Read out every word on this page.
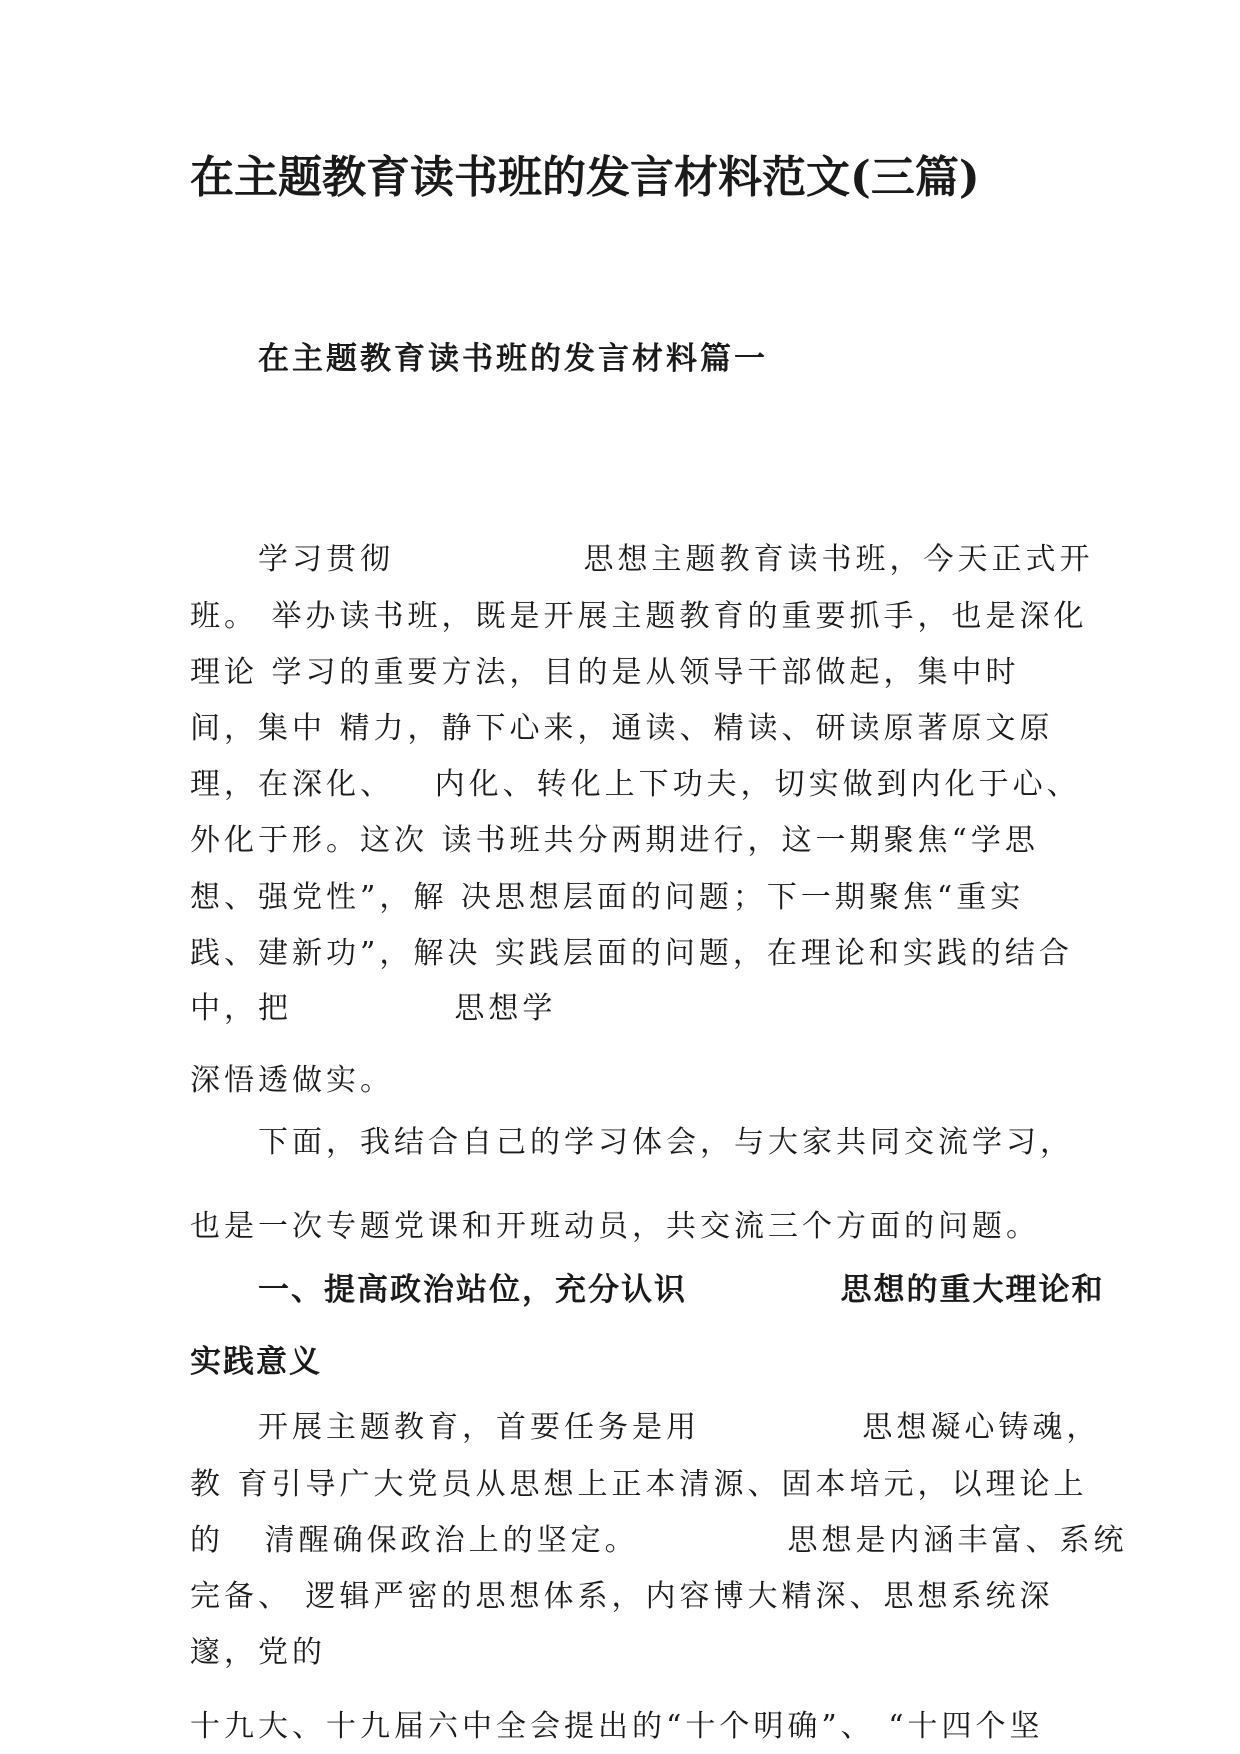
在主题教育读书班的发言材料范文(三篇)
在主题教育读书班的发言材料篇一
学习贯彻              思想主题教育读书班，今天正式开
班。 举办读书班，既是开展主题教育的重要抓手，也是深化
理论 学习的重要方法，目的是从领导干部做起，集中时
间，集中 精力，静下心来，通读、精读、研读原著原文原
理，在深化、   内化、转化上下功夫，切实做到内化于心、
外化于形。这次 读书班共分两期进行，这一期聚焦“学思
想、强党性”，解 决思想层面的问题；下一期聚焦“重实
践、建新功”，解决 实践层面的问题，在理论和实践的结合
中，把            思想学
深悟透做实。
下面，我结合自己的学习体会，与大家共同交流学习，
也是一次专题党课和开班动员，共交流三个方面的问题。
一、提高政治站位，充分认识            思想的重大理论和
实践意义
开展主题教育，首要任务是用            思想凝心铸魂，
教 育引导广大党员从思想上正本清源、固本培元，以理论上
的   清醒确保政治上的坚定。           思想是内涵丰富、系统
完备、 逻辑严密的思想体系，内容博大精深、思想系统深
邃，党的
十九大、十九届六中全会提出的“十个明确”、 “十四个坚
